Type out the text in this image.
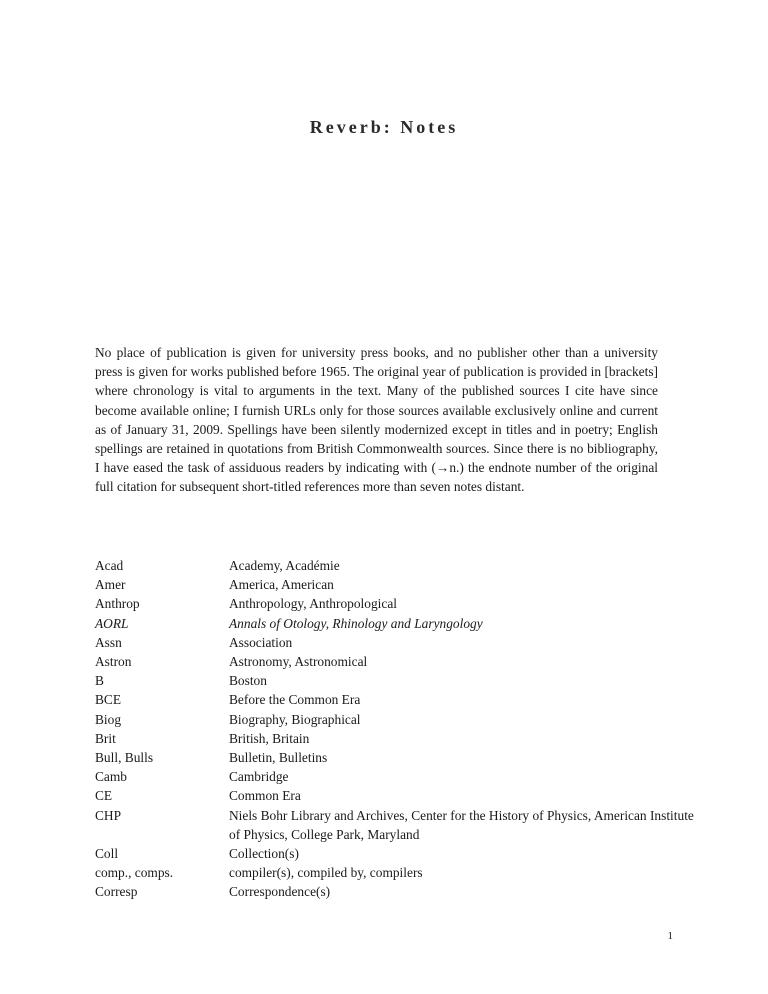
Reverb: Notes

No place of publication is given for university press books, and no publisher other than a university press is given for works published before 1965. The original year of publication is provided in [brackets] where chronology is vital to arguments in the text. Many of the published sources I cite have since become available online; I furnish URLs only for those sources available exclusively online and current as of January 31, 2009. Spellings have been silently modernized except in titles and in poetry; English spellings are retained in quotations from British Commonwealth sources. Since there is no bibliography, I have eased the task of assiduous readers by indicating with (→n.) the endnote number of the original full citation for subsequent short-titled references more than seven notes distant.

Acad	Academy, Académie
Amer	America, American
Anthrop	Anthropology, Anthropological
AORL	Annals of Otology, Rhinology and Laryngology
Assn	Association
Astron	Astronomy, Astronomical
B	Boston
BCE	Before the Common Era
Biog	Biography, Biographical
Brit	British, Britain
Bull, Bulls	Bulletin, Bulletins
Camb	Cambridge
CE	Common Era
CHP	Niels Bohr Library and Archives, Center for the History of Physics, American Institute of Physics, College Park, Maryland
Coll	Collection(s)
comp., comps.	compiler(s), compiled by, compilers
Corresp	Correspondence(s)
1
